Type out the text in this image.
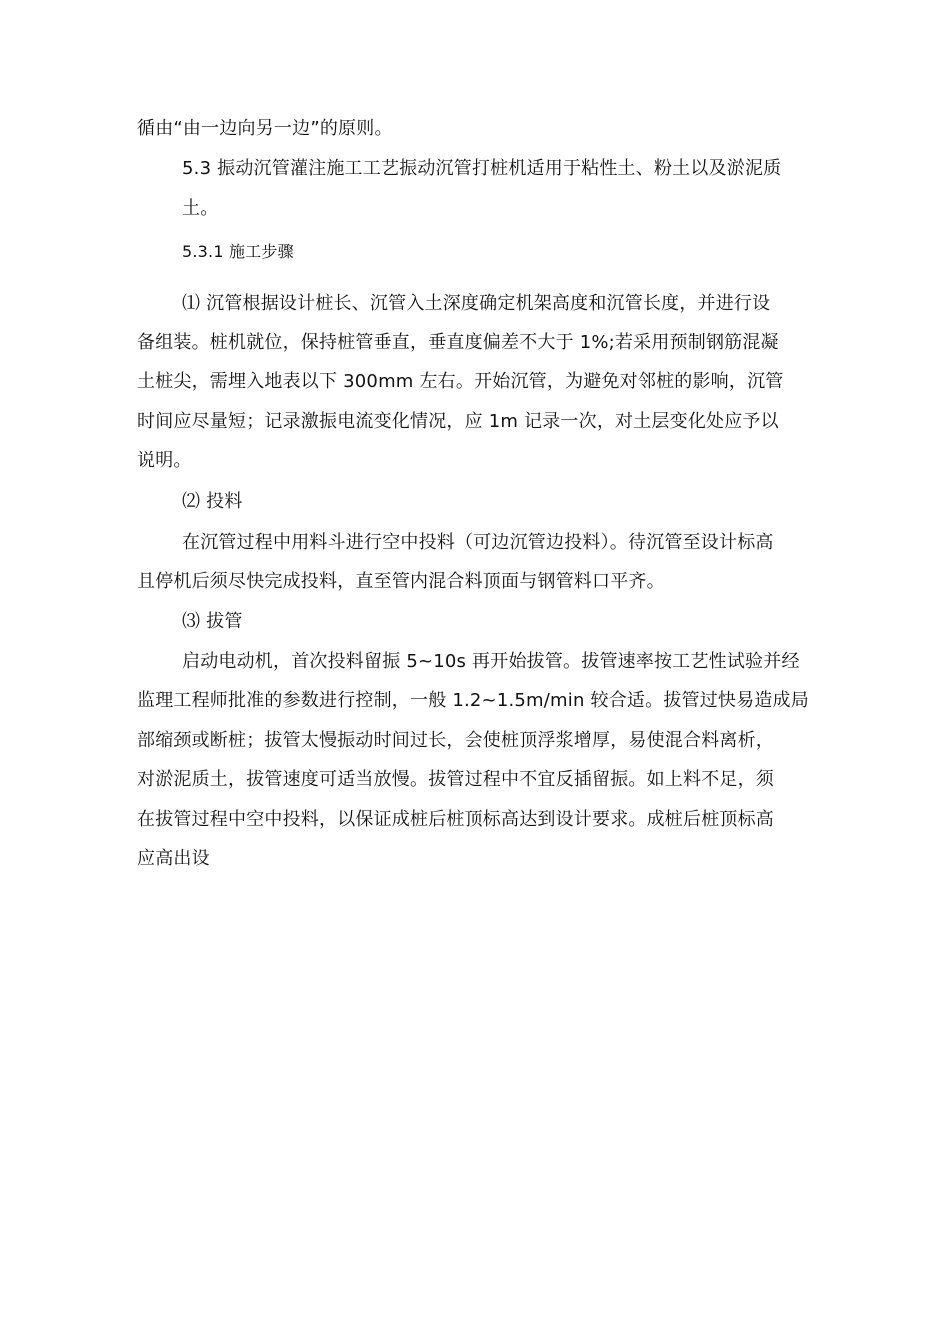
循由“由一边向另一边”的原则。
5.3 振动沉管灌注施工工艺振动沉管打桩机适用于粘性土、粉土以及淤泥质
土。
5.3.1 施工步骤
⑴ 沉管根据设计桩长、沉管入土深度确定机架高度和沉管长度，并进行设
备组装。桩机就位，保持桩管垂直，垂直度偏差不大于 1%;若采用预制钢筋混凝
土桩尖，需埋入地表以下 300mm 左右。开始沉管，为避免对邻桩的影响，沉管
时间应尽量短；记录激振电流变化情况，应 1m 记录一次，对土层变化处应予以
说明。
⑵ 投料
在沉管过程中用料斗进行空中投料（可边沉管边投料）。待沉管至设计标高
且停机后须尽快完成投料，直至管内混合料顶面与钢管料口平齐。
⑶ 拔管
启动电动机，首次投料留振 5~10s 再开始拔管。拔管速率按工艺性试验并经
监理工程师批准的参数进行控制，一般 1.2~1.5m/min 较合适。拔管过快易造成局
部缩颈或断桩；拔管太慢振动时间过长，会使桩顶浮浆增厚，易使混合料离析，
对淤泥质土，拔管速度可适当放慢。拔管过程中不宜反插留振。如上料不足，须
在拔管过程中空中投料，以保证成桩后桩顶标高达到设计要求。成桩后桩顶标高
应高出设
